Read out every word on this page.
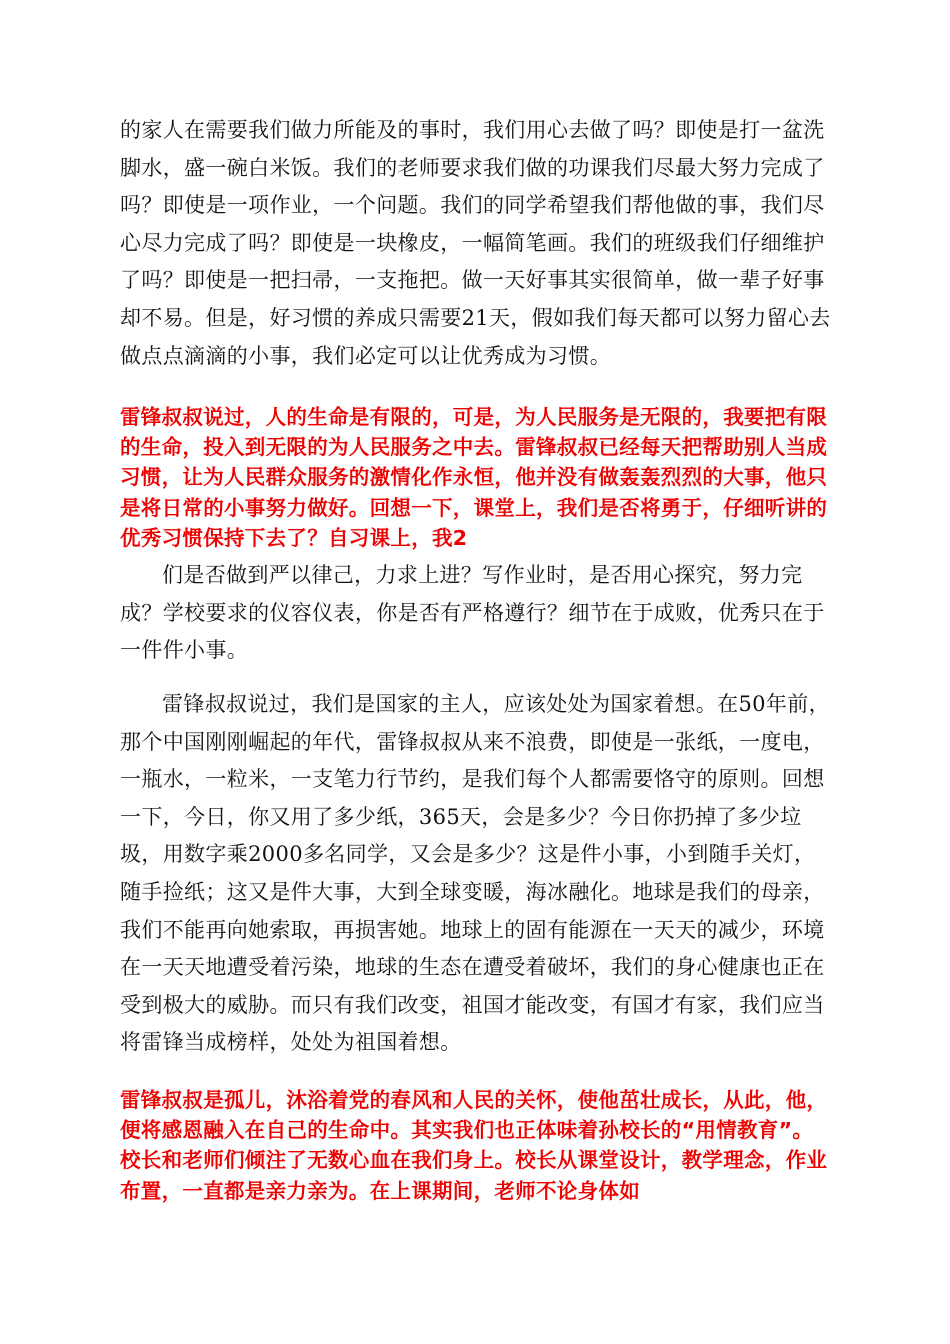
的家人在需要我们做力所能及的事时，我们用心去做了吗？即使是打一盆洗脚水，盛一碗白米饭。我们的老师要求我们做的功课我们尽最大努力完成了吗？即使是一项作业，一个问题。我们的同学希望我们帮他做的事，我们尽心尽力完成了吗？即使是一块橡皮，一幅简笔画。我们的班级我们仔细维护了吗？即使是一把扫帚，一支拖把。做一天好事其实很简单，做一辈子好事却不易。但是，好习惯的养成只需要21天，假如我们每天都可以努力留心去做点点滴滴的小事，我们必定可以让优秀成为习惯。

雷锋叔叔说过，人的生命是有限的，可是，为人民服务是无限的，我要把有限的生命，投入到无限的为人民服务之中去。雷锋叔叔已经每天把帮助别人当成习惯，让为人民群众服务的激情化作永恒，他并没有做轰轰烈烈的大事，他只是将日常的小事努力做好。回想一下，课堂上，我们是否将勇于，仔细听讲的优秀习惯保持下去了？自习课上，我2

们是否做到严以律己，力求上进？写作业时，是否用心探究，努力完成？学校要求的仪容仪表，你是否有严格遵行？细节在于成败，优秀只在于一件件小事。

雷锋叔叔说过，我们是国家的主人，应该处处为国家着想。在50年前，那个中国刚刚崛起的年代，雷锋叔叔从来不浪费，即使是一张纸，一度电，一瓶水，一粒米，一支笔力行节约，是我们每个人都需要恪守的原则。回想一下，今日，你又用了多少纸，365天，会是多少？今日你扔掉了多少垃圾，用数字乘2000多名同学，又会是多少？这是件小事，小到随手关灯，随手捡纸；这又是件大事，大到全球变暖，海冰融化。地球是我们的母亲，我们不能再向她索取，再损害她。地球上的固有能源在一天天的减少，环境在一天天地遭受着污染，地球的生态在遭受着破坏，我们的身心健康也正在受到极大的威胁。而只有我们改变，祖国才能改变，有国才有家，我们应当将雷锋当成榜样，处处为祖国着想。

雷锋叔叔是孤儿，沐浴着党的春风和人民的关怀，使他茁壮成长，从此，他，便将感恩融入在自己的生命中。其实我们也正体味着孙校长的“用情教育”。校长和老师们倾注了无数心血在我们身上。校长从课堂设计，教学理念，作业布置，一直都是亲力亲为。在上课期间，老师不论身体如
